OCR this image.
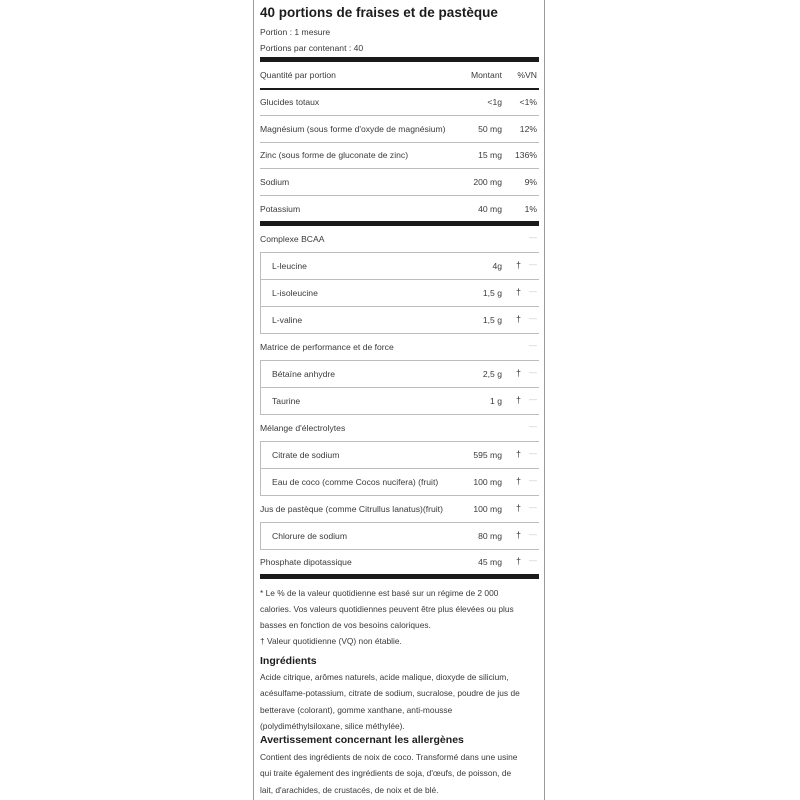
40 portions de fraises et de pastèque
Portion : 1 mesure
Portions par contenant : 40
Quantité par portion	Montant	%VN
Glucides totaux	<1g	<1%
Magnésium (sous forme d'oxyde de magnésium)	50 mg	12%
Zinc (sous forme de gluconate de zinc)	15 mg	136%
Sodium	200 mg	9%
Potassium	40 mg	1%
Complexe BCAA	—
L-leucine	4g † —
L-isoleucine	1,5 g † —
L-valine	1,5 g † —
Matrice de performance et de force	—
Bétaïne anhydre	2,5 g † —
Taurine	1 g † —
Mélange d'électrolytes	—
Citrate de sodium	595 mg † —
Eau de coco (comme Cocos nucifera) (fruit)	100 mg † —
Jus de pastèque (comme Citrullus lanatus)(fruit)	100 mg † —
Chlorure de sodium	80 mg † —
Phosphate dipotassique	45 mg † —
* Le % de la valeur quotidienne est basé sur un régime de 2 000
calories. Vos valeurs quotidiennes peuvent être plus élevées ou plus
basses en fonction de vos besoins caloriques.
† Valeur quotidienne (VQ) non établie.
Ingrédients
Acide citrique, arômes naturels, acide malique, dioxyde de silicium,
acésulfame-potassium, citrate de sodium, sucralose, poudre de jus de
betterave (colorant), gomme xanthane, anti-mousse
(polydiméthylsiloxane, silice méthylée).
Avertissement concernant les allergènes
Contient des ingrédients de noix de coco. Transformé dans une usine
qui traite également des ingrédients de soja, d'œufs, de poisson, de
lait, d'arachides, de crustacés, de noix et de blé.
